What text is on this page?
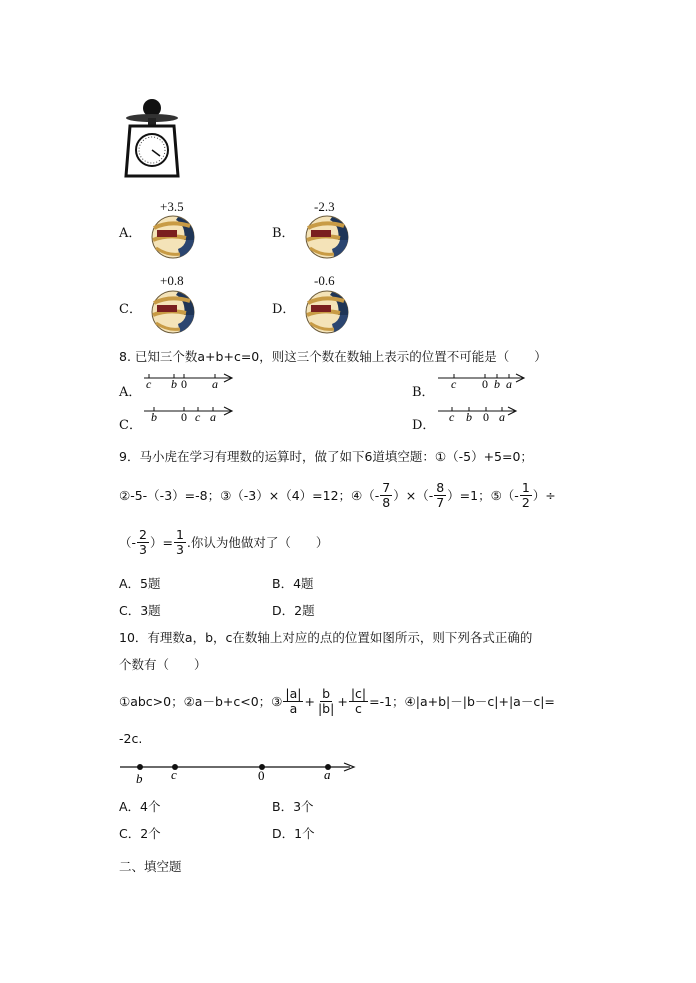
A．
+3.5
B．
-2.3
C．
+0.8
D．
-0.6
8. 已知三个数a+b+c=0，则这三个数在数轴上表示的位置不可能是（　　）
A．	B．
C．	D．
c b 0 a	c 0 b a
b 0 c a	c b 0 a
9．马小虎在学习有理数的运算时，做了如下6道填空题：①（-5）+5=0；
②-5-（-3）=-8；③（-3）×（4）=12；④（- $\frac{7}{8}$ ）×（- $\frac{8}{7} )=1$；⑤（- $\frac{1}{2}$ ）÷
（- $\frac{2}{3}$ ）= $\frac{1}{3}$ .你认为他做对了（　　）
A．5题	B．4题
C．3题	D．2题
10．有理数a，b，c在数轴上对应的点的位置如图所示，则下列各式正确的
个数有（　　）
①abc>0；②a－b+c<0；③ $\frac{|a|}{a} + \frac{b}{|b|} + \frac{|c|}{c} =-1$；④|a+b|－|b－c|+|a－c|=
-2c.
b c	0	a
A．4个	B．3个
C．2个	D．1个
二、填空题
